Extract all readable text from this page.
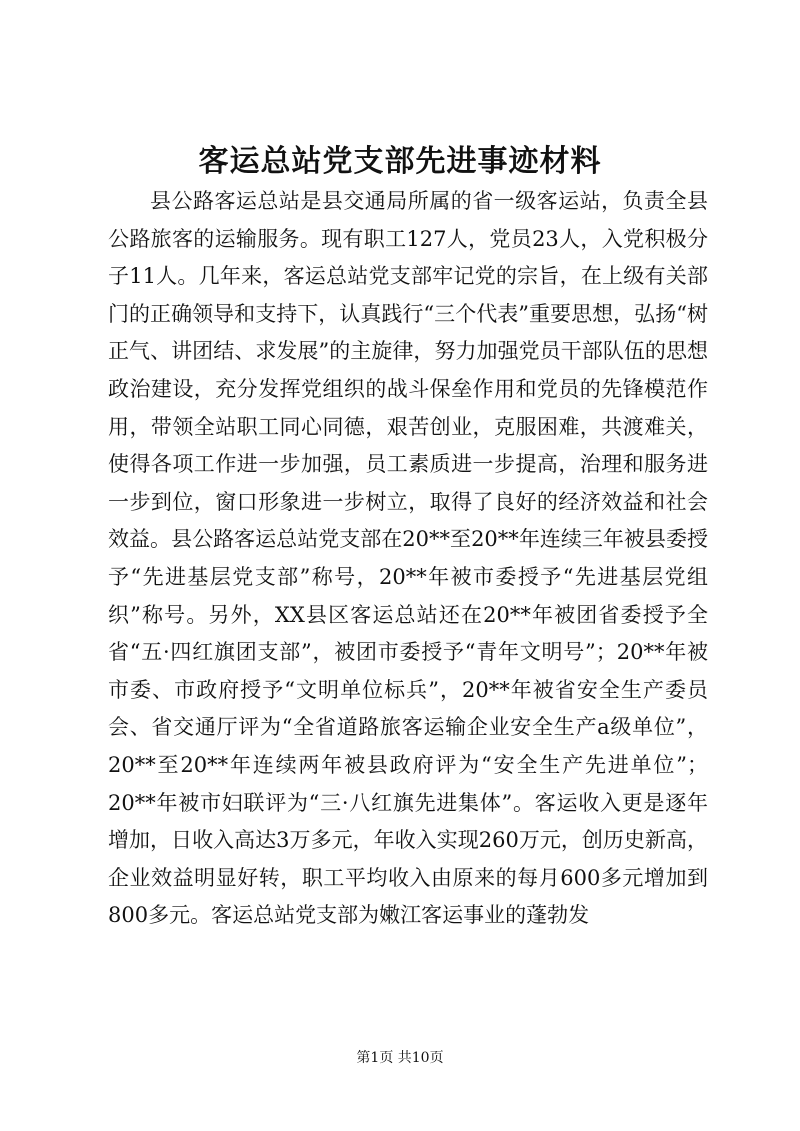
客运总站党支部先进事迹材料

县公路客运总站是县交通局所属的省一级客运站，负责全县公路旅客的运输服务。现有职工127人，党员23人，入党积极分子11人。几年来，客运总站党支部牢记党的宗旨，在上级有关部门的正确领导和支持下，认真践行“三个代表”重要思想，弘扬“树正气、讲团结、求发展”的主旋律，努力加强党员干部队伍的思想政治建设，充分发挥党组织的战斗保垒作用和党员的先锋模范作用，带领全站职工同心同德，艰苦创业，克服困难，共渡难关，使得各项工作进一步加强，员工素质进一步提高，治理和服务进一步到位，窗口形象进一步树立，取得了良好的经济效益和社会效益。县公路客运总站党支部在20**至20**年连续三年被县委授予“先进基层党支部”称号，20**年被市委授予“先进基层党组织”称号。另外，XX县区客运总站还在20**年被团省委授予全省“五·四红旗团支部”，被团市委授予“青年文明号”；20**年被市委、市政府授予“文明单位标兵”，20**年被省安全生产委员会、省交通厅评为“全省道路旅客运输企业安全生产a级单位”，20**至20**年连续两年被县政府评为“安全生产先进单位”；20**年被市妇联评为“三·八红旗先进集体”。客运收入更是逐年增加，日收入高达3万多元，年收入实现260万元，创历史新高，企业效益明显好转，职工平均收入由原来的每月600多元增加到800多元。客运总站党支部为嫩江客运事业的蓬勃发

第1页 共10页
